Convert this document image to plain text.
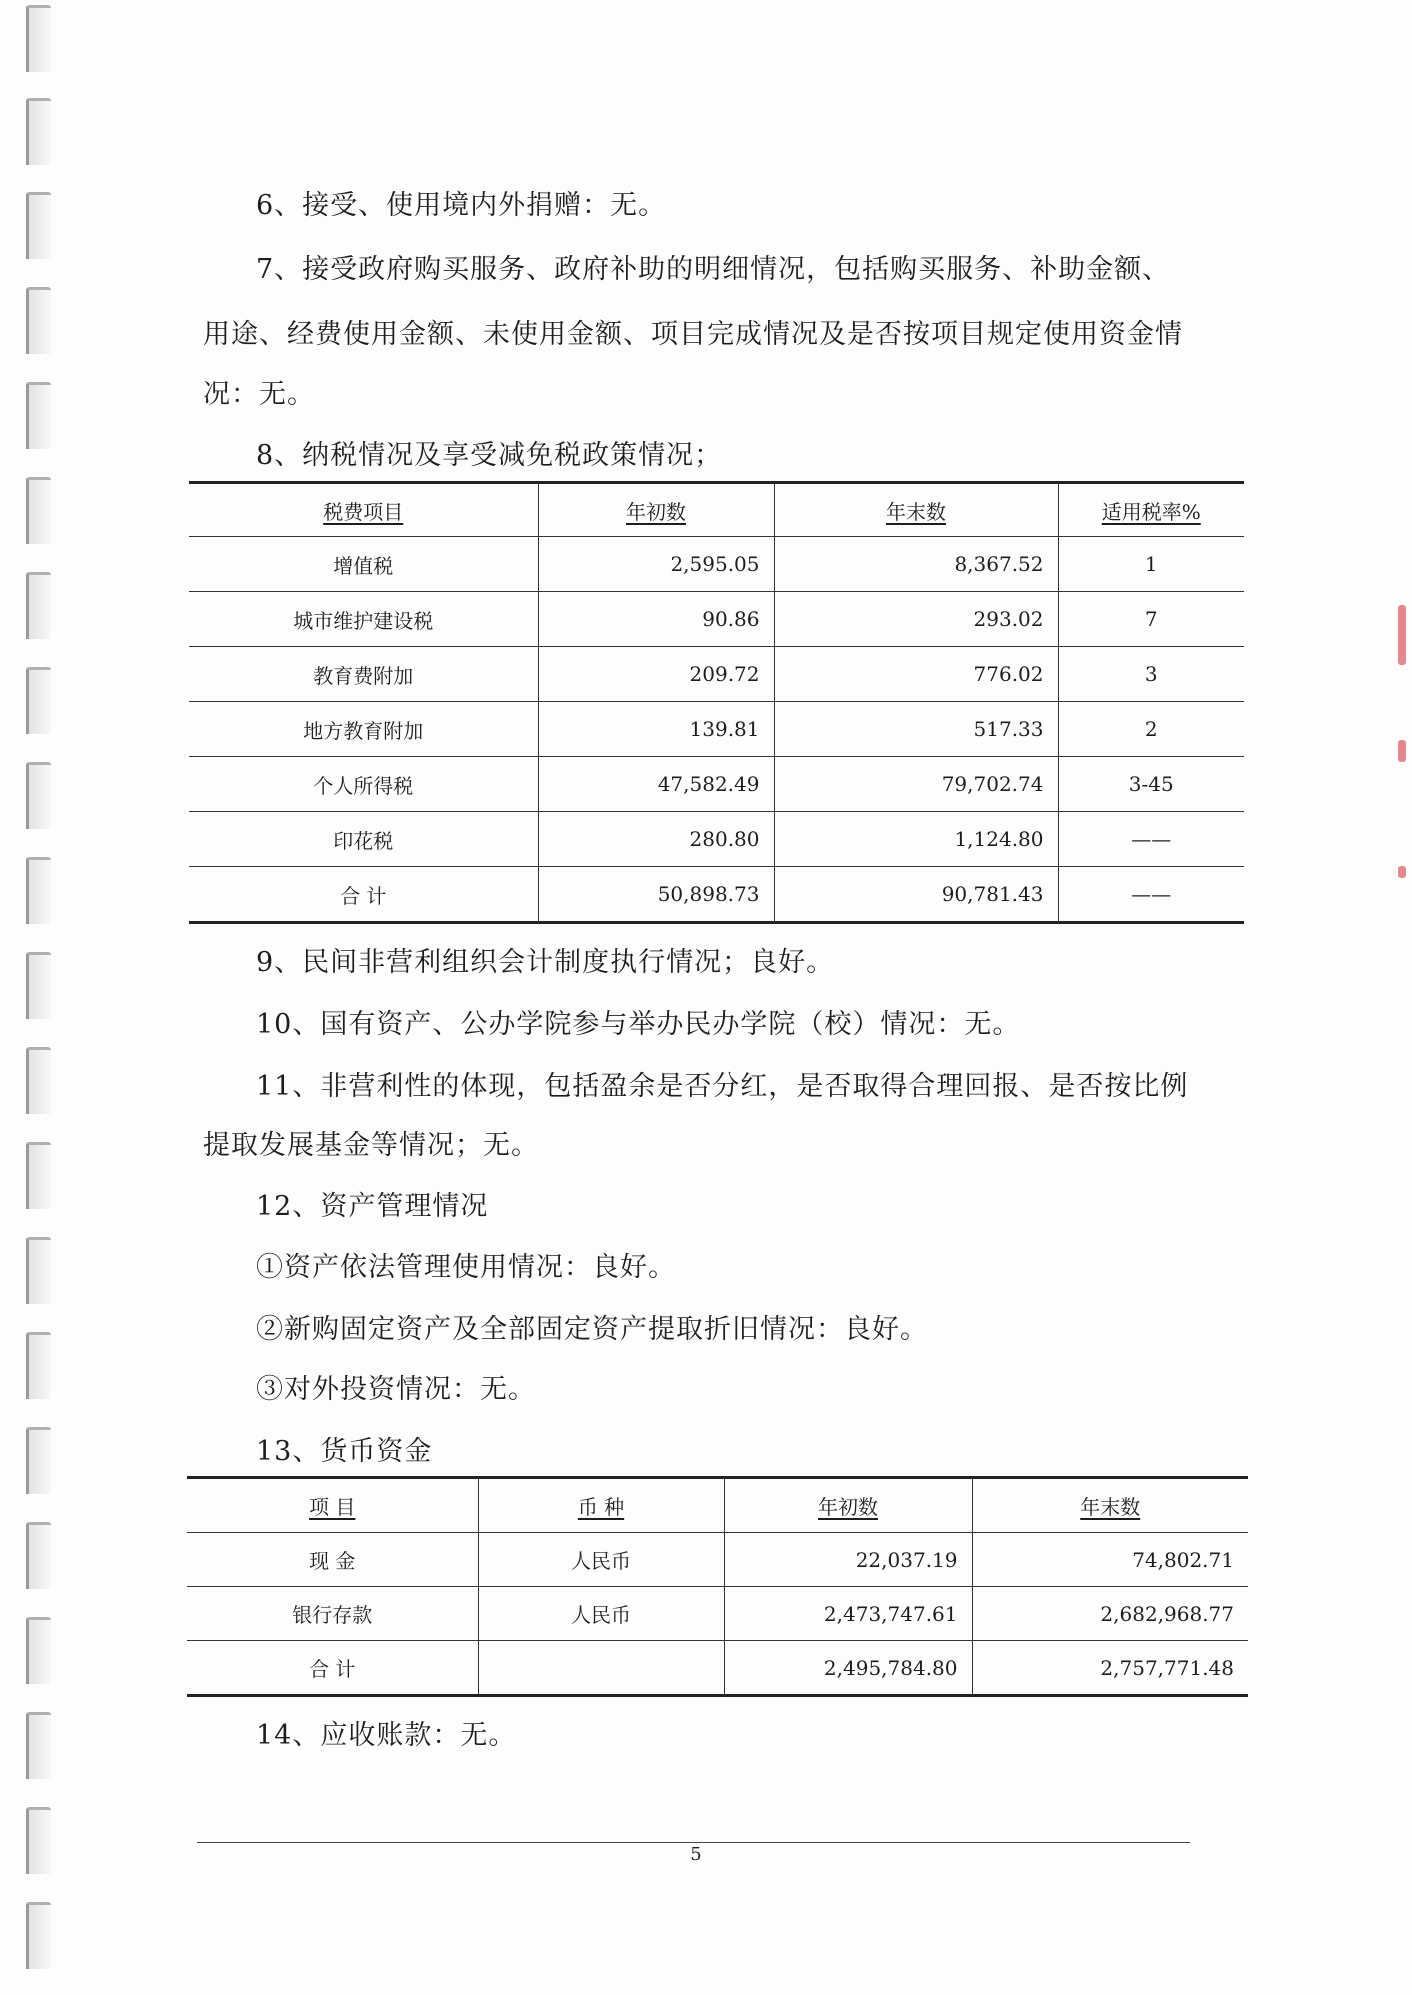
6、接受、使用境内外捐赠：无。
7、接受政府购买服务、政府补助的明细情况，包括购买服务、补助金额、
用途、经费使用金额、未使用金额、项目完成情况及是否按项目规定使用资金情
况：无。
8、纳税情况及享受减免税政策情况；
税费项目	年初数	年末数	适用税率%
增值税	2,595.05	8,367.52	1
城市维护建设税	90.86	293.02	7
教育费附加	209.72	776.02	3
地方教育附加	139.81	517.33	2
个人所得税	47,582.49	79,702.74	3-45
印花税	280.80	1,124.80	——
合 计	50,898.73	90,781.43	——
9、民间非营利组织会计制度执行情况；良好。
10、国有资产、公办学院参与举办民办学院（校）情况：无。
11、非营利性的体现，包括盈余是否分红，是否取得合理回报、是否按比例
提取发展基金等情况；无。
12、资产管理情况
①资产依法管理使用情况：良好。
②新购固定资产及全部固定资产提取折旧情况：良好。
③对外投资情况：无。
13、货币资金
项 目	币 种	年初数	年末数
现 金	人民币	22,037.19	74,802.71
银行存款	人民币	2,473,747.61	2,682,968.77
合 计		2,495,784.80	2,757,771.48
14、应收账款：无。
5
